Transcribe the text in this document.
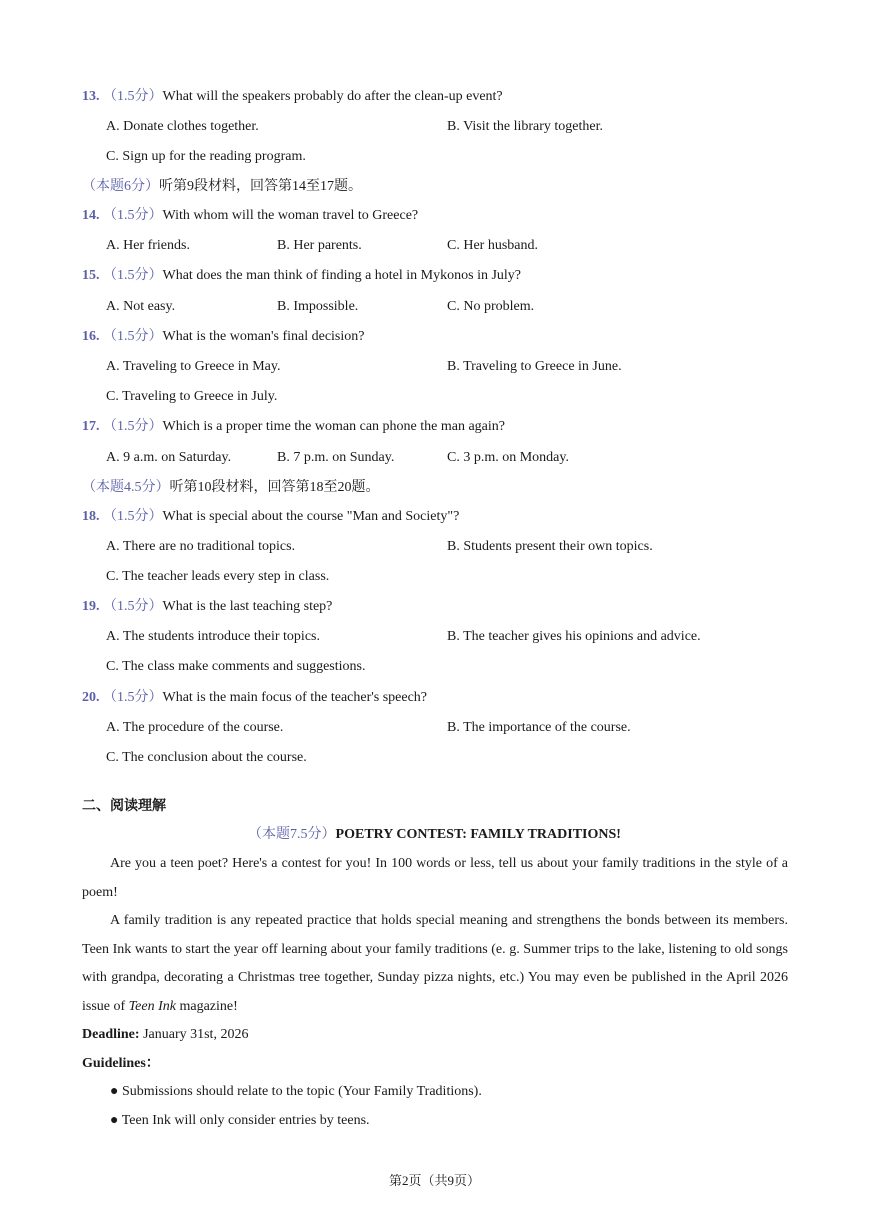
13. （1.5分）What will the speakers probably do after the clean-up event?
A. Donate clothes together.	B. Visit the library together.
C. Sign up for the reading program.
（本题6分）听第9段材料，回答第14至17题。
14. （1.5分）With whom will the woman travel to Greece?
A. Her friends.	B. Her parents.	C. Her husband.
15. （1.5分）What does the man think of finding a hotel in Mykonos in July?
A. Not easy.	B. Impossible.	C. No problem.
16. （1.5分）What is the woman's final decision?
A. Traveling to Greece in May.	B. Traveling to Greece in June.
C. Traveling to Greece in July.
17. （1.5分）Which is a proper time the woman can phone the man again?
A. 9 a.m. on Saturday.	B. 7 p.m. on Sunday.	C. 3 p.m. on Monday.
（本题4.5分）听第10段材料，回答第18至20题。
18. （1.5分）What is special about the course "Man and Society"?
A. There are no traditional topics.	B. Students present their own topics.
C. The teacher leads every step in class.
19. （1.5分）What is the last teaching step?
A. The students introduce their topics.	B. The teacher gives his opinions and advice.
C. The class make comments and suggestions.
20. （1.5分）What is the main focus of the teacher's speech?
A. The procedure of the course.	B. The importance of the course.
C. The conclusion about the course.
二、阅读理解
（本题7.5分）POETRY CONTEST: FAMILY TRADITIONS!

Are you a teen poet? Here's a contest for you! In 100 words or less, tell us about your family traditions in the style of a poem!

A family tradition is any repeated practice that holds special meaning and strengthens the bonds between its members. Teen Ink wants to start the year off learning about your family traditions (e. g. Summer trips to the lake, listening to old songs with grandpa, decorating a Christmas tree together, Sunday pizza nights, etc.) You may even be published in the April 2026 issue of Teen Ink magazine!

Deadline: January 31st, 2026
Guidelines：
● Submissions should relate to the topic (Your Family Traditions).
● Teen Ink will only consider entries by teens.
第2页（共9页）
